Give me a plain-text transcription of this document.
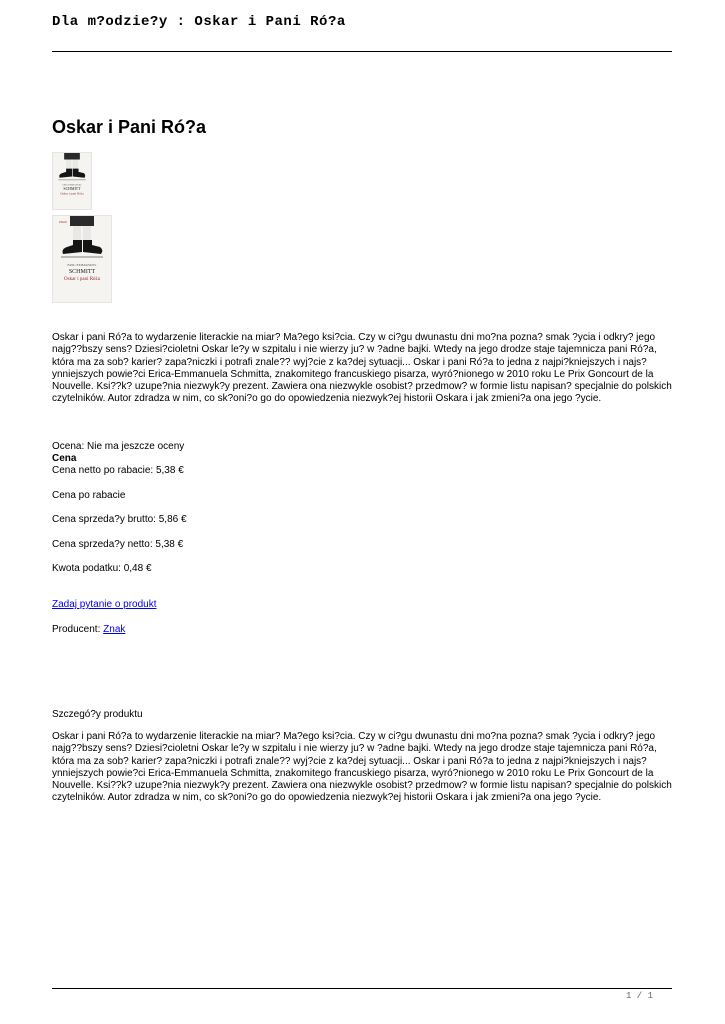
Dla m?odzie?y : Oskar i Pani Ró?a
Oskar i Pani Ró?a
ERIC-EMMANUEL
SCHMITT
Oskar i pani Róża
ZNAK
ERIC-EMMANUEL
SCHMITT
Oskar i pani Róża
Oskar i pani Ró?a to wydarzenie literackie na miar? Ma?ego ksi?cia. Czy w ci?gu dwunastu dni mo?na pozna? smak ?ycia i odkry? jego najg??bszy sens? Dziesi?cioletni Oskar le?y w szpitalu i nie wierzy ju? w ?adne bajki. Wtedy na jego drodze staje tajemnicza pani Ró?a, która ma za sob? karier? zapa?niczki i potrafi znale?? wyj?cie z ka?dej sytuacji... Oskar i pani Ró?a to jedna z najpi?kniejszych i najs?ynniejszych powie?ci Erica-Emmanuela Schmitta, znakomitego francuskiego pisarza, wyró?nionego w 2010 roku Le Prix Goncourt de la Nouvelle. Ksi??k? uzupe?nia niezwyk?y prezent. Zawiera ona niezwykle osobist? przedmow? w formie listu napisan? specjalnie do polskich czytelników. Autor zdradza w nim, co sk?oni?o go do opowiedzenia niezwyk?ej historii Oskara i jak zmieni?a ona jego ?ycie.
Ocena: Nie ma jeszcze oceny
Cena
Cena netto po rabacie: 5,38 €
Cena po rabacie
Cena sprzeda?y brutto: 5,86 €
Cena sprzeda?y netto: 5,38 €
Kwota podatku: 0,48 €
Zadaj pytanie o produkt
Producent: Znak
Szczegó?y produktu
Oskar i pani Ró?a to wydarzenie literackie na miar? Ma?ego ksi?cia. Czy w ci?gu dwunastu dni mo?na pozna? smak ?ycia i odkry? jego najg??bszy sens? Dziesi?cioletni Oskar le?y w szpitalu i nie wierzy ju? w ?adne bajki. Wtedy na jego drodze staje tajemnicza pani Ró?a, która ma za sob? karier? zapa?niczki i potrafi znale?? wyj?cie z ka?dej sytuacji... Oskar i pani Ró?a to jedna z najpi?kniejszych i najs?ynniejszych powie?ci Erica-Emmanuela Schmitta, znakomitego francuskiego pisarza, wyró?nionego w 2010 roku Le Prix Goncourt de la Nouvelle. Ksi??k? uzupe?nia niezwyk?y prezent. Zawiera ona niezwykle osobist? przedmow? w formie listu napisan? specjalnie do polskich czytelników. Autor zdradza w nim, co sk?oni?o go do opowiedzenia niezwyk?ej historii Oskara i jak zmieni?a ona jego ?ycie.
1 / 1
